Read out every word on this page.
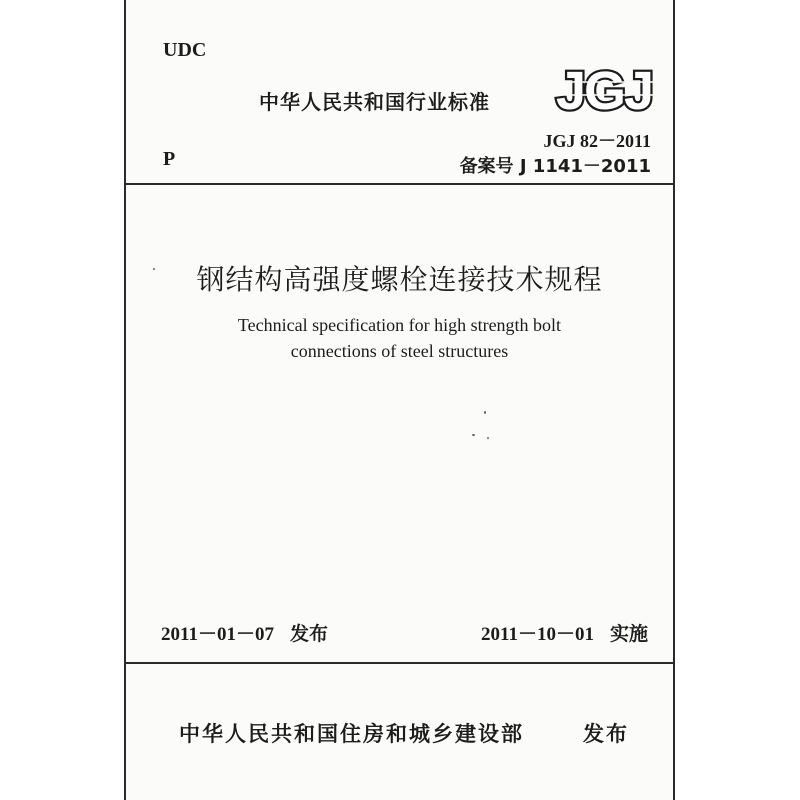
UDC
中华人民共和国行业标准 JGJ
P
JGJ 82－2011
备案号 J 1141－2011
钢结构高强度螺栓连接技术规程
Technical specification for high strength bolt
connections of steel structures
2011－01－07 发布	2011－10－01 实施
中华人民共和国住房和城乡建设部	发布
